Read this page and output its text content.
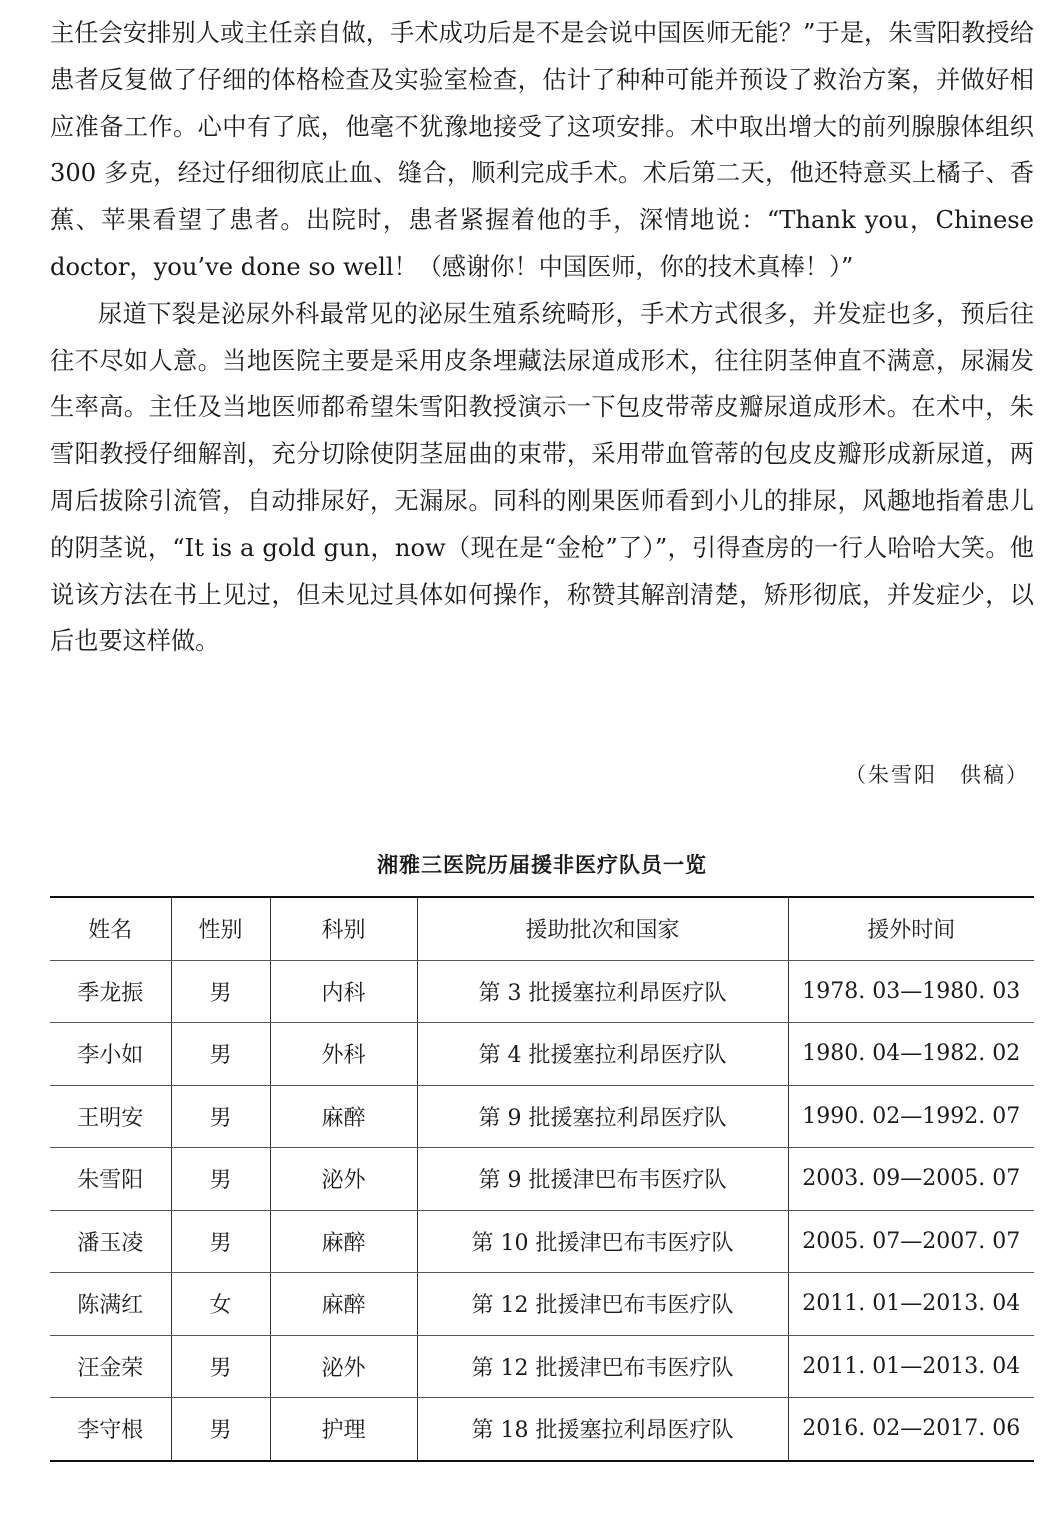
主任会安排别人或主任亲自做，手术成功后是不是会说中国医师无能？”于是，朱雪阳教授给患者反复做了仔细的体格检查及实验室检查，估计了种种可能并预设了救治方案，并做好相应准备工作。心中有了底，他毫不犹豫地接受了这项安排。术中取出增大的前列腺腺体组织 300 多克，经过仔细彻底止血、缝合，顺利完成手术。术后第二天，他还特意买上橘子、香蕉、苹果看望了患者。出院时，患者紧握着他的手，深情地说：“Thank you，Chinese doctor，you’ve done so well！（感谢你！中国医师，你的技术真棒！）”

尿道下裂是泌尿外科最常见的泌尿生殖系统畸形，手术方式很多，并发症也多，预后往往不尽如人意。当地医院主要是采用皮条埋藏法尿道成形术，往往阴茎伸直不满意，尿漏发生率高。主任及当地医师都希望朱雪阳教授演示一下包皮带蒂皮瓣尿道成形术。在术中，朱雪阳教授仔细解剖，充分切除使阴茎屈曲的束带，采用带血管蒂的包皮皮瓣形成新尿道，两周后拔除引流管，自动排尿好，无漏尿。同科的刚果医师看到小儿的排尿，风趣地指着患儿的阴茎说，“It is a gold gun，now（现在是“金枪”了）”，引得查房的一行人哈哈大笑。他说该方法在书上见过，但未见过具体如何操作，称赞其解剖清楚，矫形彻底，并发症少，以后也要这样做。

（朱雪阳　供稿）
湘雅三医院历届援非医疗队员一览
姓名	性别	科别	援助批次和国家	援外时间
季龙振	男	内科	第 3 批援塞拉利昂医疗队	1978. 03—1980. 03
李小如	男	外科	第 4 批援塞拉利昂医疗队	1980. 04—1982. 02
王明安	男	麻醉	第 9 批援塞拉利昂医疗队	1990. 02—1992. 07
朱雪阳	男	泌外	第 9 批援津巴布韦医疗队	2003. 09—2005. 07
潘玉凌	男	麻醉	第 10 批援津巴布韦医疗队	2005. 07—2007. 07
陈满红	女	麻醉	第 12 批援津巴布韦医疗队	2011. 01—2013. 04
汪金荣	男	泌外	第 12 批援津巴布韦医疗队	2011. 01—2013. 04
李守根	男	护理	第 18 批援塞拉利昂医疗队	2016. 02—2017. 06
